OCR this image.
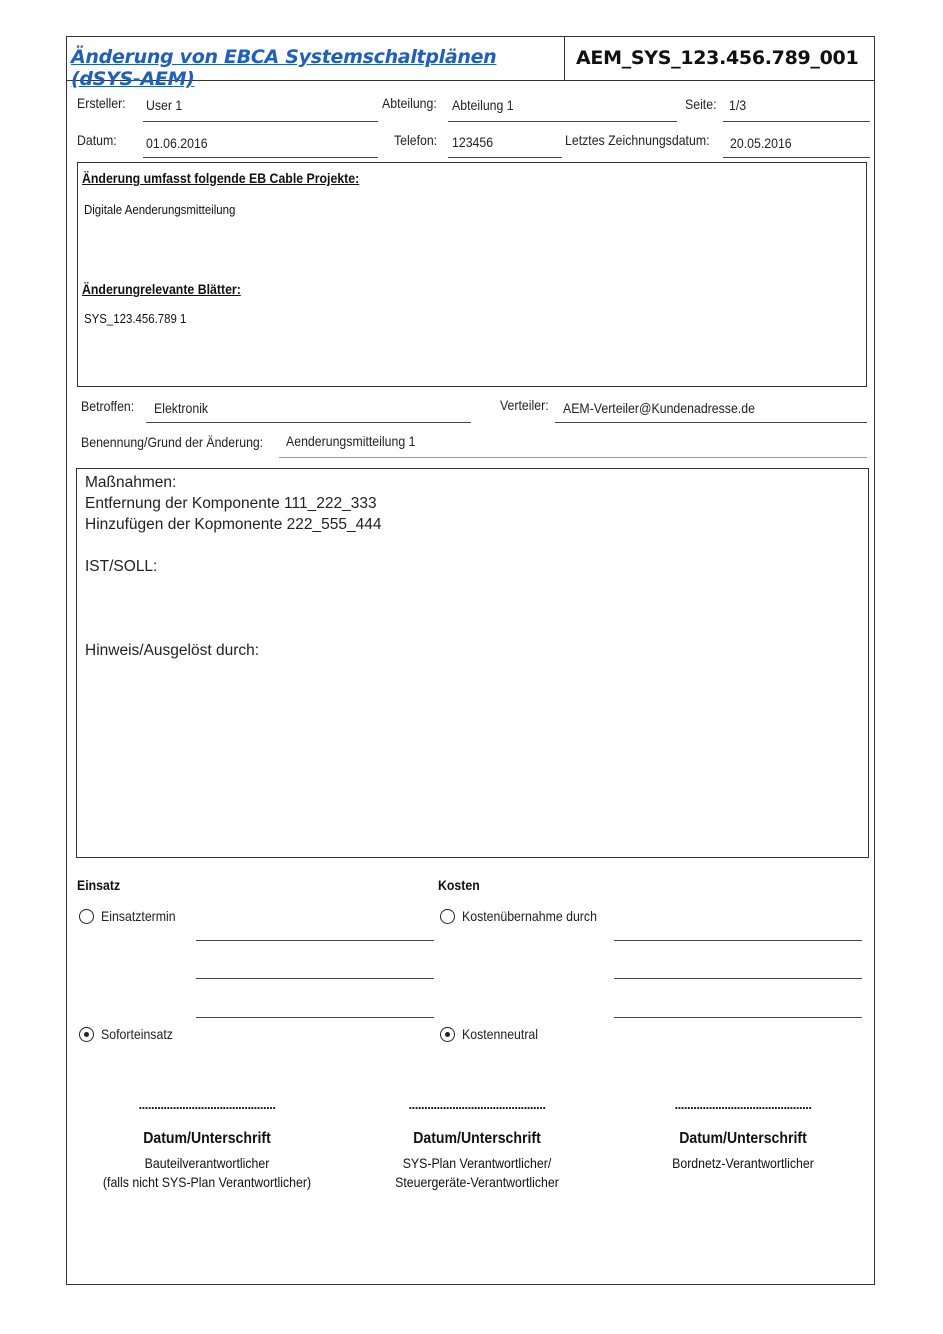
Änderung von EBCA Systemschaltplänen (dSYS-AEM)
AEM_SYS_123.456.789_001
Ersteller: User 1	Abteilung: Abteilung 1	Seite: 1/3
Datum: 01.06.2016	Telefon: 123456	Letztes Zeichnungsdatum: 20.05.2016
Änderung umfasst folgende EB Cable Projekte:
Digitale Aenderungsmitteilung
Änderungrelevante Blätter:
SYS_123.456.789 1
Betroffen: Elektronik	Verteiler: AEM-Verteiler@Kundenadresse.de
Benennung/Grund der Änderung: Aenderungsmitteilung 1
Maßnahmen:
Entfernung der Komponente 111_222_333
Hinzufügen der Kopmonente 222_555_444
IST/SOLL:
Hinweis/Ausgelöst durch:
Einsatz
Einsatztermin
Soforteinsatz
Kosten
Kostenübernahme durch
Kostenneutral
............................................
Datum/Unterschrift
Bauteilverantwortlicher
(falls nicht SYS-Plan Verantwortlicher)
............................................
Datum/Unterschrift
SYS-Plan Verantwortlicher/
Steuergeräte-Verantwortlicher
............................................
Datum/Unterschrift
Bordnetz-Verantwortlicher
